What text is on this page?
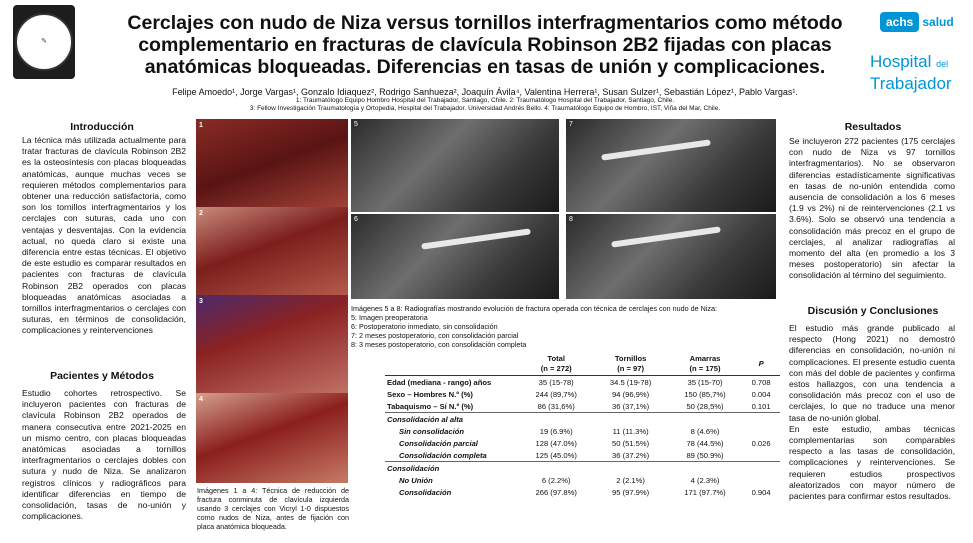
✎
Cerclajes con nudo de Niza versus tornillos interfragmentarios como método complementario en fracturas de clavícula Robinson 2B2 fijadas con placas anatómicas bloqueadas. Diferencias en tasas de unión y complicaciones.
achs salud
Hospital del
Trabajador
Felipe Amoedo¹, Jorge Vargas¹, Gonzalo Idiaquez², Rodrigo Sanhueza², Joaquín Ávila⁴, Valentina Herrera¹, Susan Sulzer¹, Sebastián López¹, Pablo Vargas¹.
1: Traumatólogo Equipo Hombro Hospital del Trabajador, Santiago, Chile. 2: Traumatólogo Hospital del Trabajador, Santiago, Chile.
3: Fellow Investigación Traumatología y Ortopedia, Hospital del Trabajador. Universidad Andrés Bello. 4: Traumatólogo Equipo de Hombro, IST, Viña del Mar, Chile.
Introducción
La técnica más utilizada actualmente para tratar fracturas de clavícula Robinson 2B2 es la osteosíntesis con placas bloqueadas anatómicas, aunque muchas veces se requieren métodos complementarios para obtener una reducción satisfactoria, como son los tornillos interfragmentarios y los cerclajes con suturas, cada uno con ventajas y desventajas. Con la evidencia actual, no queda claro si existe una diferencia entre estas técnicas. El objetivo de este estudio es comparar resultados en pacientes con fracturas de clavícula Robinson 2B2 operados con placas bloqueadas anatómicas asociadas a tornillos interfragmentarios o cerclajes con suturas, en términos de consolidación, complicaciones y reintervenciones
Pacientes y Métodos
Estudio cohortes retrospectivo. Se incluyeron pacientes con fracturas de clavícula Robinson 2B2 operados de manera consecutiva entre 2021-2025 en un mismo centro, con placas bloqueadas anatómicas asociadas a tornillos interfragmentarios o cerclajes dobles con sutura y nudo de Niza. Se analizaron registros clínicos y radiográficos para identificar diferencias en tiempo de consolidación, tasas de no-unión y complicaciones.
1
2
3
4
Imágenes 1 a 4: Técnica de reducción de fractura conminuta de clavícula izquierda usando 3 cerclajes con Vicryl 1-0 dispuestos como nudos de Niza, antes de fijación con placa anatómica bloqueada.
5	7
6	8
Imágenes 5 a 8: Radiografías mostrando evolución de fractura operada con técnica de cerclajes con nudo de Niza:
5: Imagen preoperatoria
6: Postoperatorio inmediato, sin consolidación
7: 2 meses postoperatorio, con consolidación parcial
8: 3 meses postoperatorio, con consolidación completa
	Total
(n = 272)	Tornillos
(n = 97)	Amarras
(n = 175)	P
Edad (mediana - rango) años	35 (15-78)	34.5 (19-78)	35 (15-70)	0.708
Sexo – Hombres N.º (%)	244 (89,7%)	94 (96,9%)	150 (85,7%)	0.004
Tabaquismo – Sí N.º (%)	86 (31,6%)	36 (37,1%)	50 (28,5%)	0.101
Consolidación al alta				
Sin consolidación	19 (6.9%)	11 (11.3%)	8 (4.6%)	
Consolidación parcial	128 (47.0%)	50 (51.5%)	78 (44.5%)	0.026
Consolidación completa	125 (45.0%)	36 (37.2%)	89 (50.9%)	
Consolidación				
No Unión	6 (2.2%)	2 (2.1%)	4 (2.3%)	
Consolidación	266 (97.8%)	95 (97.9%)	171 (97.7%)	0.904
Resultados
Se incluyeron 272 pacientes (175 cerclajes con nudo de Niza vs 97 tornillos interfragmentarios). No se observaron diferencias estadísticamente significativas en tasas de no-unión entendida como ausencia de consolidación a los 6 meses (1.9 vs 2%) ni de reintervenciones (2.1 vs 3.6%). Solo se observó una tendencia a consolidación más precoz en el grupo de cerclajes, al analizar radiografías al momento del alta (en promedio a los 3 meses postoperatorio) sin afectar la consolidación al término del seguimiento.
Discusión y Conclusiones
El estudio más grande publicado al respecto (Hong 2021) no demostró diferencias en consolidación, no-unión ni complicaciones. El presente estudio cuenta con más del doble de pacientes y confirma estos hallazgos, con una tendencia a consolidación más precoz con el uso de cerclajes, lo que no traduce una menor tasa de no-unión global.
En este estudio, ambas técnicas complementarias son comparables respecto a las tasas de consolidación, complicaciones y reintervenciones. Se requieren estudios prospectivos aleatorizados con mayor número de pacientes para confirmar estos resultados.
